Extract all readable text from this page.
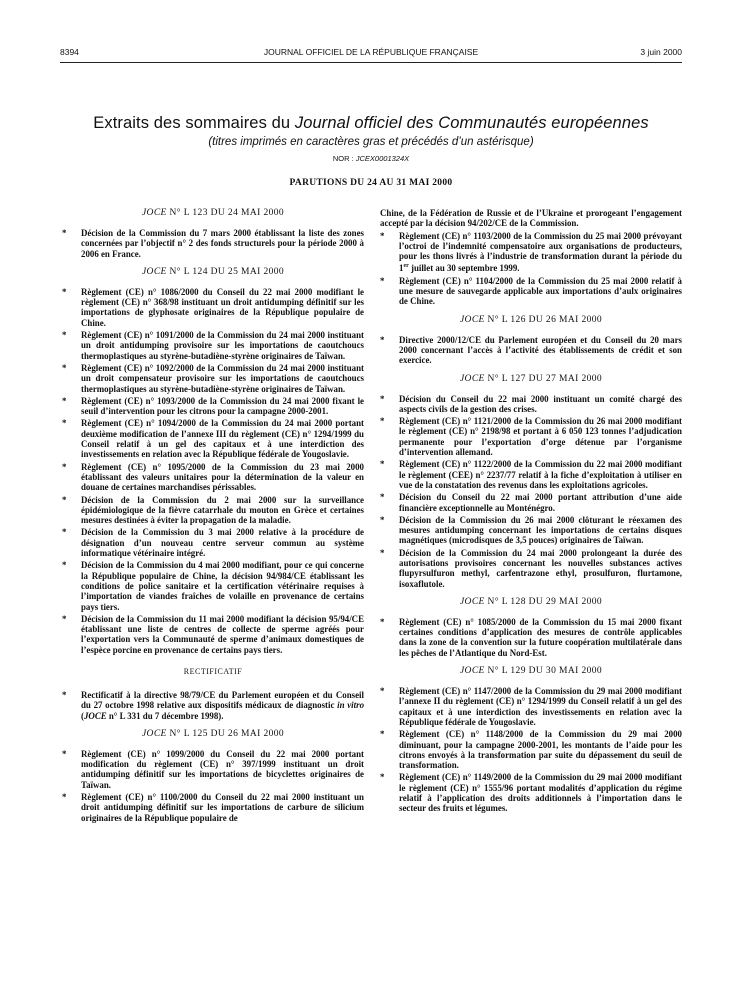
8394	JOURNAL OFFICIEL DE LA RÉPUBLIQUE FRANÇAISE	3 juin 2000
Extraits des sommaires du Journal officiel des Communautés européennes
(titres imprimés en caractères gras et précédés d’un astérisque)
NOR : JCEX0001324X
PARUTIONS DU 24 AU 31 MAI 2000
JOCE N° L 123 DU 24 MAI 2000
* Décision de la Commission du 7 mars 2000 établissant la liste des zones concernées par l’objectif n° 2 des fonds structurels pour la période 2000 à 2006 en France.
JOCE N° L 124 DU 25 MAI 2000
* Règlement (CE) n° 1086/2000 du Conseil du 22 mai 2000 modifiant le règlement (CE) n° 368/98 instituant un droit antidumping définitif sur les importations de glyphosate originaires de la République populaire de Chine.
* Règlement (CE) n° 1091/2000 de la Commission du 24 mai 2000 instituant un droit antidumping provisoire sur les importations de caoutchoucs thermoplastiques au styrène-butadiène-styrène originaires de Taïwan.
* Règlement (CE) n° 1092/2000 de la Commission du 24 mai 2000 instituant un droit compensateur provisoire sur les importations de caoutchoucs thermoplastiques au styrène-butadiène-styrène originaires de Taïwan.
* Règlement (CE) n° 1093/2000 de la Commission du 24 mai 2000 fixant le seuil d’intervention pour les citrons pour la campagne 2000-2001.
* Règlement (CE) n° 1094/2000 de la Commission du 24 mai 2000 portant deuxième modification de l’annexe III du règlement (CE) n° 1294/1999 du Conseil relatif à un gel des capitaux et à une interdiction des investissements en relation avec la République fédérale de Yougoslavie.
* Règlement (CE) n° 1095/2000 de la Commission du 23 mai 2000 établissant des valeurs unitaires pour la détermination de la valeur en douane de certaines marchandises périssables.
* Décision de la Commission du 2 mai 2000 sur la surveillance épidémiologique de la fièvre catarrhale du mouton en Grèce et certaines mesures destinées à éviter la propagation de la maladie.
* Décision de la Commission du 3 mai 2000 relative à la procédure de désignation d’un nouveau centre serveur commun au système informatique vétérinaire intégré.
* Décision de la Commission du 4 mai 2000 modifiant, pour ce qui concerne la République populaire de Chine, la décision 94/984/CE établissant les conditions de police sanitaire et la certification vétérinaire requises à l’importation de viandes fraîches de volaille en provenance de certains pays tiers.
* Décision de la Commission du 11 mai 2000 modifiant la décision 95/94/CE établissant une liste de centres de collecte de sperme agréés pour l’exportation vers la Communauté de sperme d’animaux domestiques de l’espèce porcine en provenance de certains pays tiers.
RECTIFICATIF
* Rectificatif à la directive 98/79/CE du Parlement européen et du Conseil du 27 octobre 1998 relative aux dispositifs médicaux de diagnostic in vitro (JOCE n° L 331 du 7 décembre 1998).
JOCE N° L 125 DU 26 MAI 2000
* Règlement (CE) n° 1099/2000 du Conseil du 22 mai 2000 portant modification du règlement (CE) n° 397/1999 instituant un droit antidumping définitif sur les importations de bicyclettes originaires de Taïwan.
* Règlement (CE) n° 1100/2000 du Conseil du 22 mai 2000 instituant un droit antidumping définitif sur les importations de carbure de silicium originaires de la République populaire de
Chine, de la Fédération de Russie et de l’Ukraine et prorogeant l’engagement accepté par la décision 94/202/CE de la Commission.
* Règlement (CE) n° 1103/2000 de la Commission du 25 mai 2000 prévoyant l’octroi de l’indemnité compensatoire aux organisations de producteurs, pour les thons livrés à l’industrie de transformation durant la période du 1er juillet au 30 septembre 1999.
* Règlement (CE) n° 1104/2000 de la Commission du 25 mai 2000 relatif à une mesure de sauvegarde applicable aux importations d’aulx originaires de Chine.
JOCE N° L 126 DU 26 MAI 2000
* Directive 2000/12/CE du Parlement européen et du Conseil du 20 mars 2000 concernant l’accès à l’activité des établissements de crédit et son exercice.
JOCE N° L 127 DU 27 MAI 2000
* Décision du Conseil du 22 mai 2000 instituant un comité chargé des aspects civils de la gestion des crises.
* Règlement (CE) n° 1121/2000 de la Commission du 26 mai 2000 modifiant le règlement (CE) n° 2198/98 et portant à 6 050 123 tonnes l’adjudication permanente pour l’exportation d’orge détenue par l’organisme d’intervention allemand.
* Règlement (CE) n° 1122/2000 de la Commission du 22 mai 2000 modifiant le règlement (CEE) n° 2237/77 relatif à la fiche d’exploitation à utiliser en vue de la constatation des revenus dans les exploitations agricoles.
* Décision du Conseil du 22 mai 2000 portant attribution d’une aide financière exceptionnelle au Monténégro.
* Décision de la Commission du 26 mai 2000 clôturant le réexamen des mesures antidumping concernant les importations de certains disques magnétiques (microdisques de 3,5 pouces) originaires de Taïwan.
* Décision de la Commission du 24 mai 2000 prolongeant la durée des autorisations provisoires concernant les nouvelles substances actives flupyrsulfuron methyl, carfentrazone ethyl, prosulfuron, flurtamone, isoxaflutole.
JOCE N° L 128 DU 29 MAI 2000
* Règlement (CE) n° 1085/2000 de la Commission du 15 mai 2000 fixant certaines conditions d’application des mesures de contrôle applicables dans la zone de la convention sur la future coopération multilatérale dans les pêches de l’Atlantique du Nord-Est.
JOCE N° L 129 DU 30 MAI 2000
* Règlement (CE) n° 1147/2000 de la Commission du 29 mai 2000 modifiant l’annexe II du règlement (CE) n° 1294/1999 du Conseil relatif à un gel des capitaux et à une interdiction des investissements en relation avec la République fédérale de Yougoslavie.
* Règlement (CE) n° 1148/2000 de la Commission du 29 mai 2000 diminuant, pour la campagne 2000-2001, les montants de l’aide pour les citrons envoyés à la transformation par suite du dépassement du seuil de transformation.
* Règlement (CE) n° 1149/2000 de la Commission du 29 mai 2000 modifiant le règlement (CE) n° 1555/96 portant modalités d’application du régime relatif à l’application des droits additionnels à l’importation dans le secteur des fruits et légumes.
